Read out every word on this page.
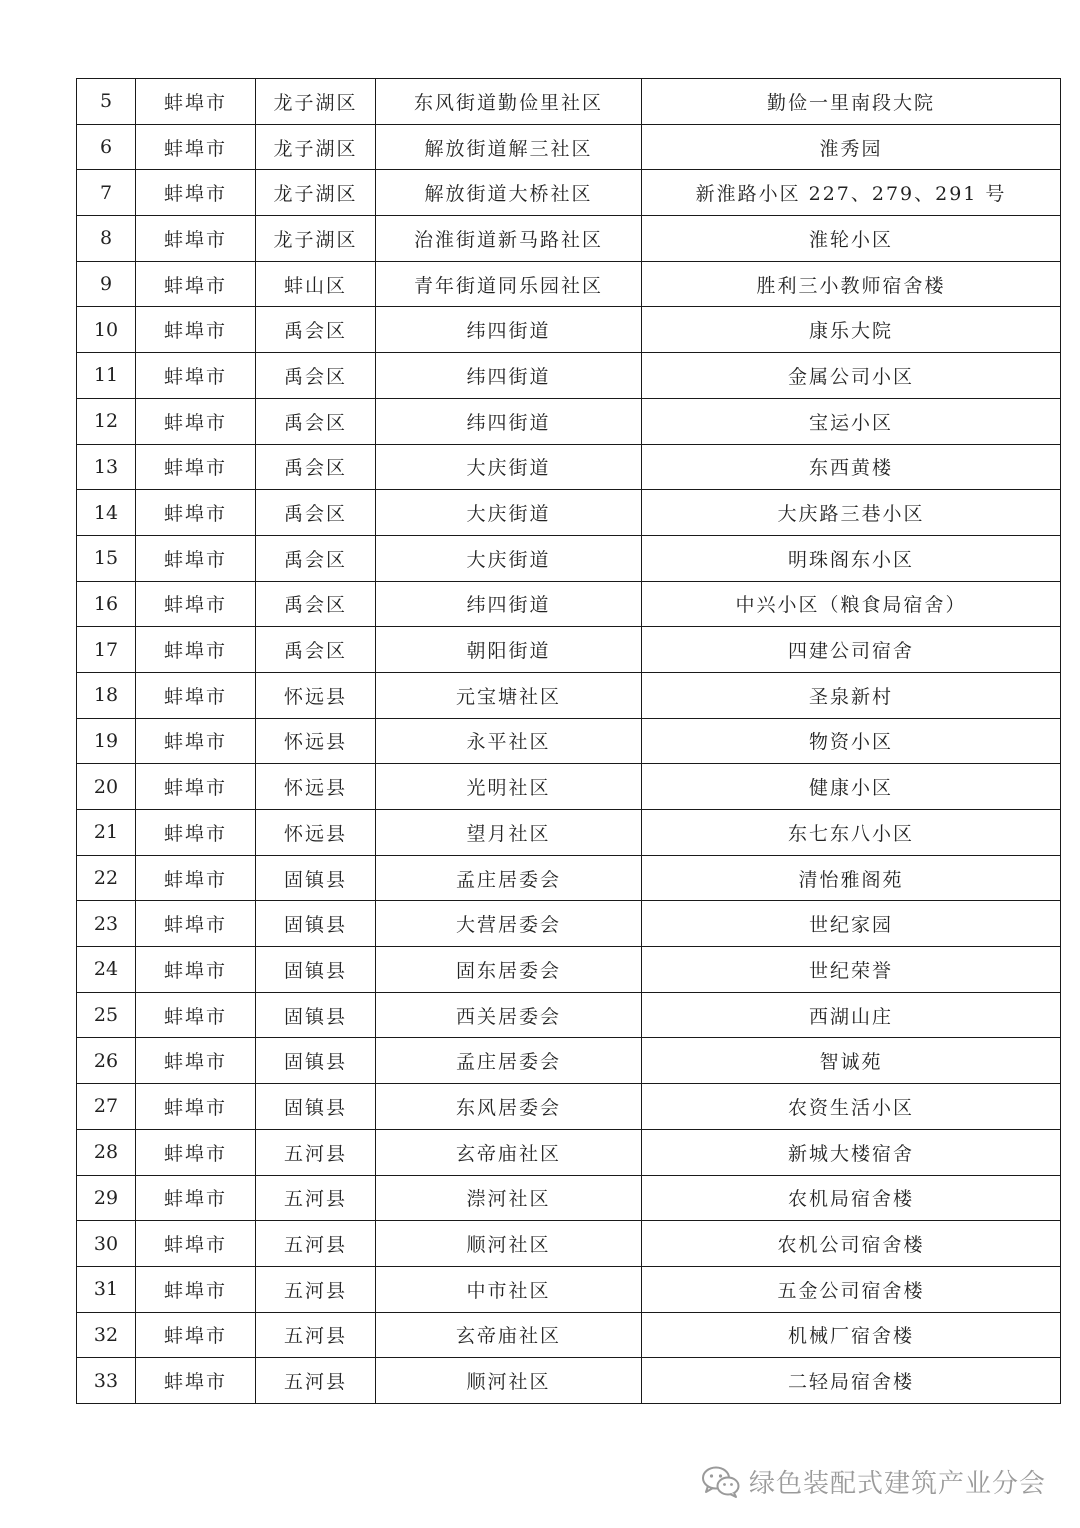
5	蚌埠市	龙子湖区	东风街道勤俭里社区	勤俭一里南段大院
6	蚌埠市	龙子湖区	解放街道解三社区	淮秀园
7	蚌埠市	龙子湖区	解放街道大桥社区	新淮路小区 227、279、291 号
8	蚌埠市	龙子湖区	治淮街道新马路社区	淮轮小区
9	蚌埠市	蚌山区	青年街道同乐园社区	胜利三小教师宿舍楼
10	蚌埠市	禹会区	纬四街道	康乐大院
11	蚌埠市	禹会区	纬四街道	金属公司小区
12	蚌埠市	禹会区	纬四街道	宝运小区
13	蚌埠市	禹会区	大庆街道	东西黄楼
14	蚌埠市	禹会区	大庆街道	大庆路三巷小区
15	蚌埠市	禹会区	大庆街道	明珠阁东小区
16	蚌埠市	禹会区	纬四街道	中兴小区（粮食局宿舍）
17	蚌埠市	禹会区	朝阳街道	四建公司宿舍
18	蚌埠市	怀远县	元宝塘社区	圣泉新村
19	蚌埠市	怀远县	永平社区	物资小区
20	蚌埠市	怀远县	光明社区	健康小区
21	蚌埠市	怀远县	望月社区	东七东八小区
22	蚌埠市	固镇县	孟庄居委会	清怡雅阁苑
23	蚌埠市	固镇县	大营居委会	世纪家园
24	蚌埠市	固镇县	固东居委会	世纪荣誉
25	蚌埠市	固镇县	西关居委会	西湖山庄
26	蚌埠市	固镇县	孟庄居委会	智诚苑
27	蚌埠市	固镇县	东风居委会	农资生活小区
28	蚌埠市	五河县	玄帝庙社区	新城大楼宿舍
29	蚌埠市	五河县	漴河社区	农机局宿舍楼
30	蚌埠市	五河县	顺河社区	农机公司宿舍楼
31	蚌埠市	五河县	中市社区	五金公司宿舍楼
32	蚌埠市	五河县	玄帝庙社区	机械厂宿舍楼
33	蚌埠市	五河县	顺河社区	二轻局宿舍楼
绿色装配式建筑产业分会
